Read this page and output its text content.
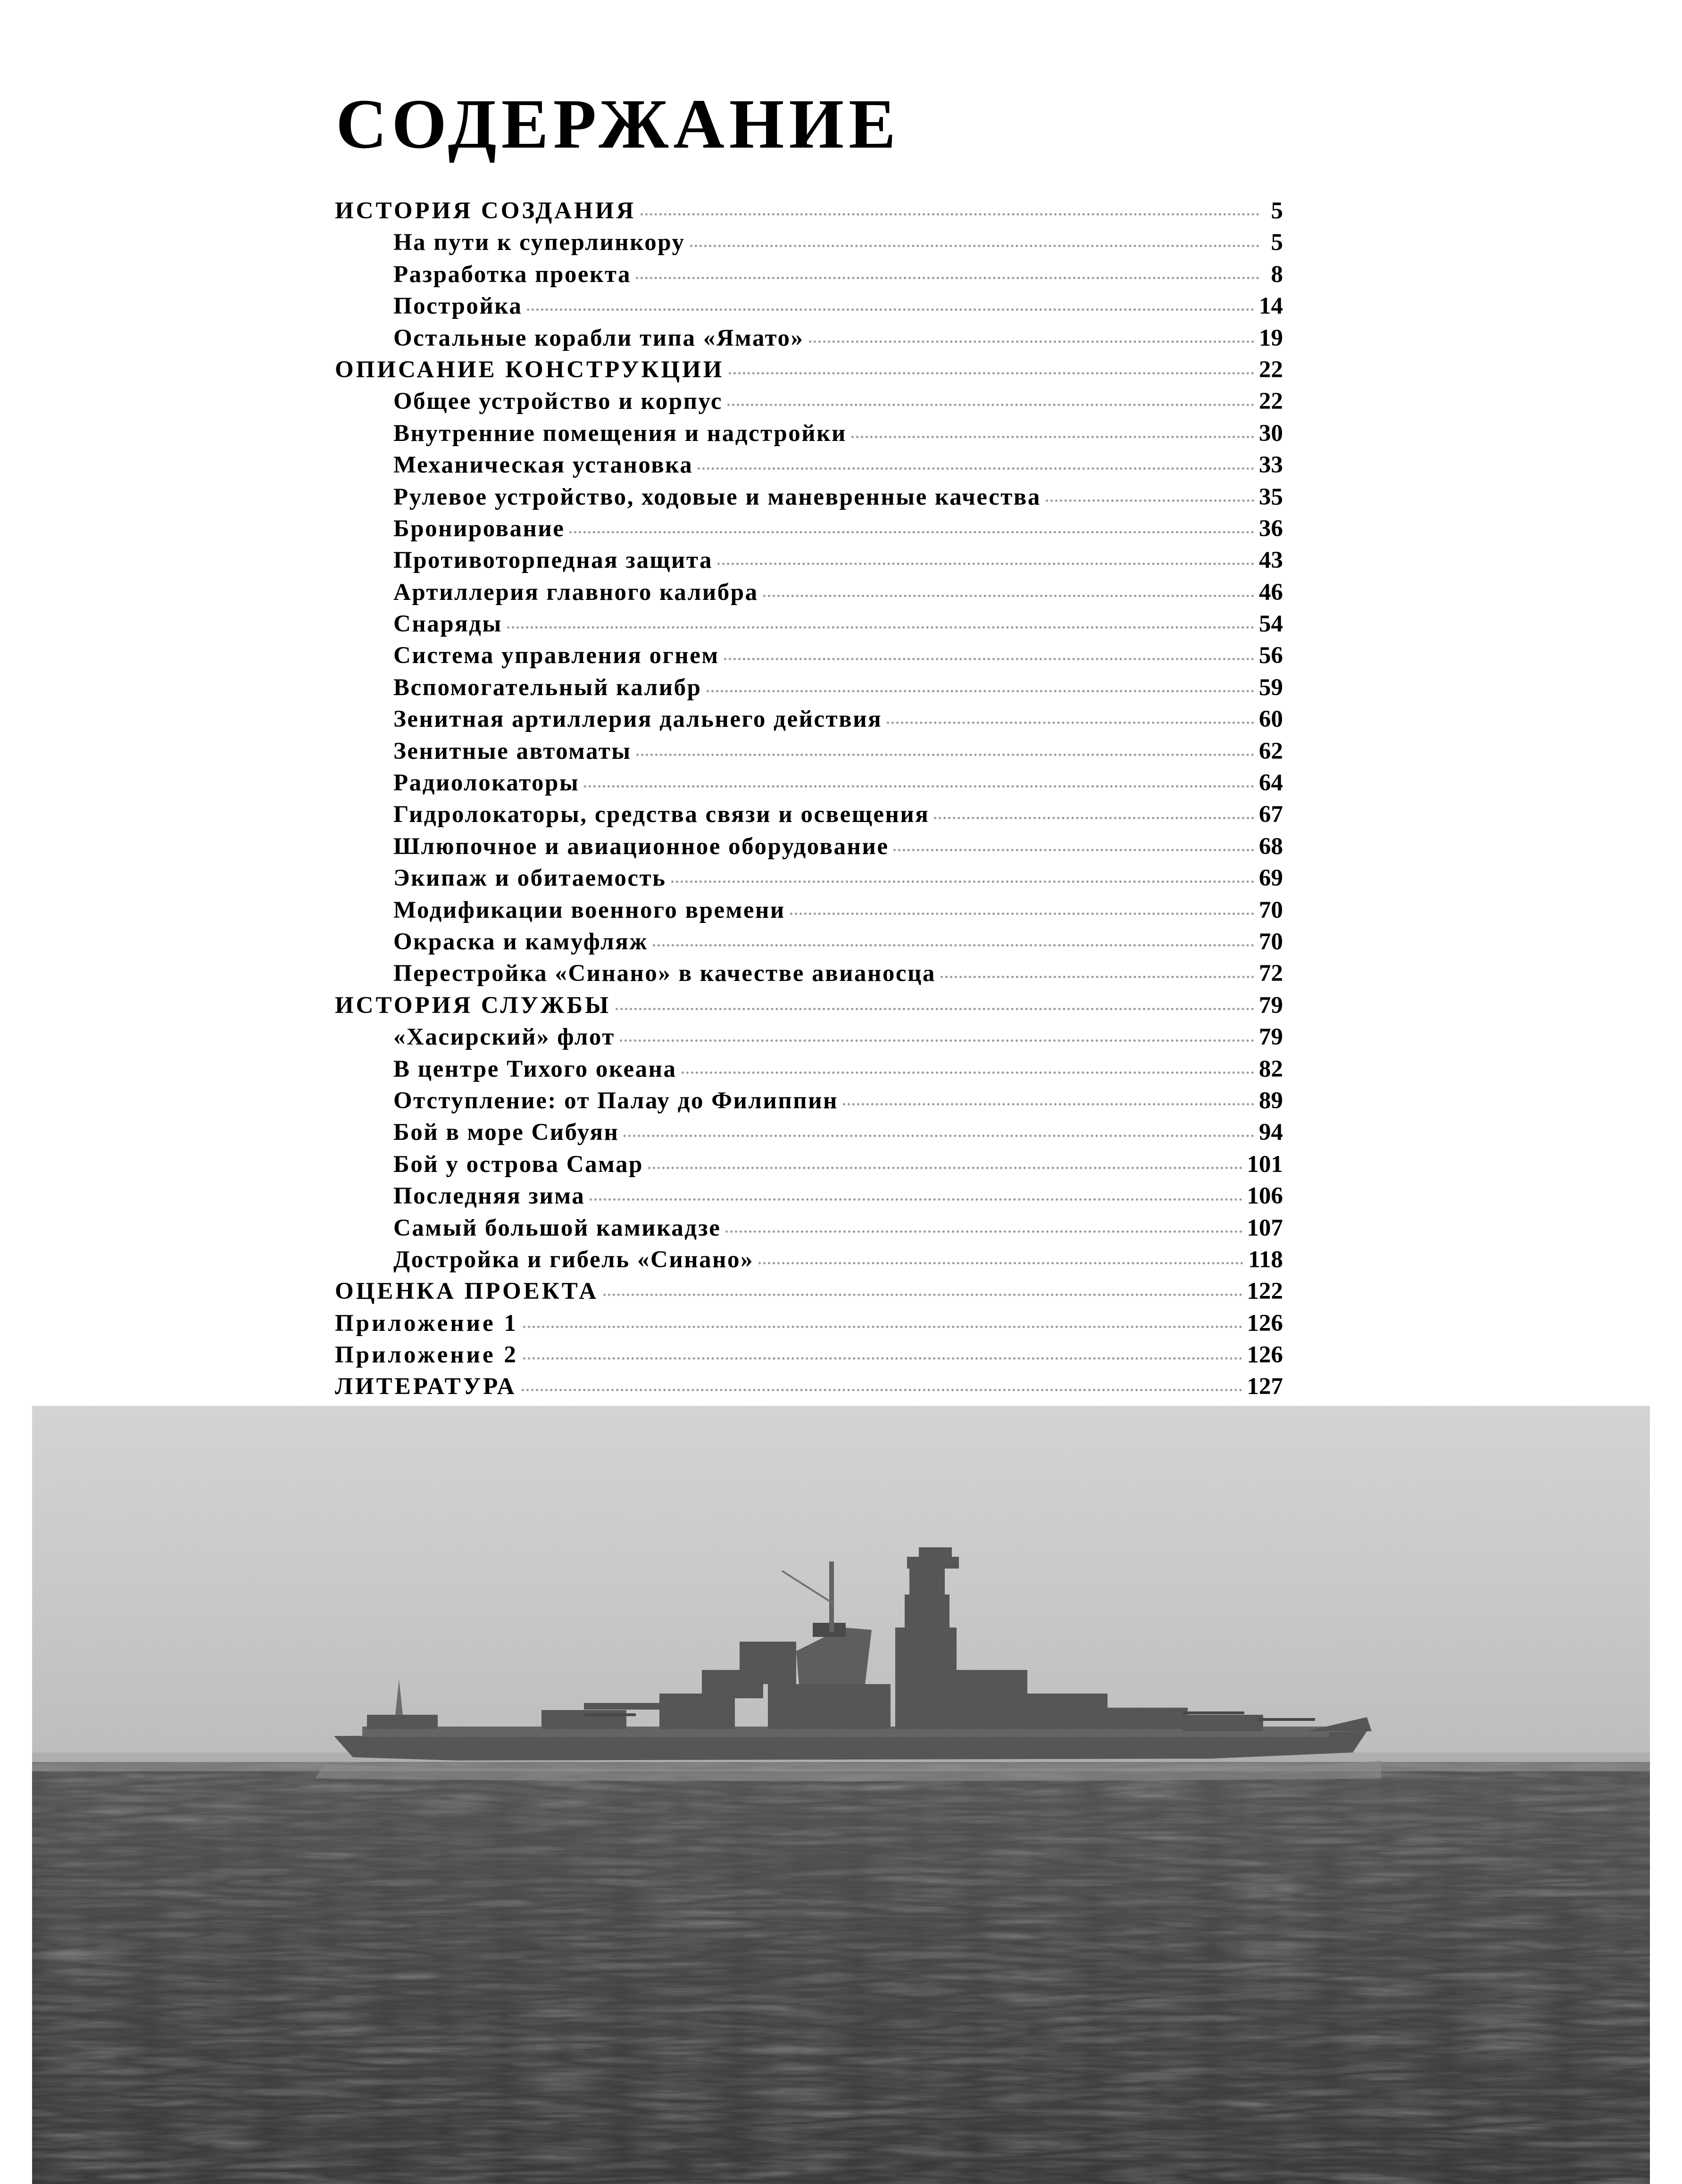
СОДЕРЖАНИЕ
ИСТОРИЯ СОЗДАНИЯ	5
На пути к суперлинкору	5
Разработка проекта	8
Постройка	14
Остальные корабли типа «Ямато»	19
ОПИСАНИЕ КОНСТРУКЦИИ	22
Общее устройство и корпус	22
Внутренние помещения и надстройки	30
Механическая установка	33
Рулевое устройство, ходовые и маневренные качества	35
Бронирование	36
Противоторпедная защита	43
Артиллерия главного калибра	46
Снаряды	54
Система управления огнем	56
Вспомогательный калибр	59
Зенитная артиллерия дальнего действия	60
Зенитные автоматы	62
Радиолокаторы	64
Гидролокаторы, средства связи и освещения	67
Шлюпочное и авиационное оборудование	68
Экипаж и обитаемость	69
Модификации военного времени	70
Окраска и камуфляж	70
Перестройка «Синано» в качестве авианосца	72
ИСТОРИЯ СЛУЖБЫ	79
«Хасирский» флот	79
В центре Тихого океана	82
Отступление: от Палау до Филиппин	89
Бой в море Сибуян	94
Бой у острова Самар	101
Последняя зима	106
Самый большой камикадзе	107
Достройка и гибель «Синано»	118
ОЦЕНКА ПРОЕКТА	122
Приложение 1	126
Приложение 2	126
ЛИТЕРАТУРА	127
